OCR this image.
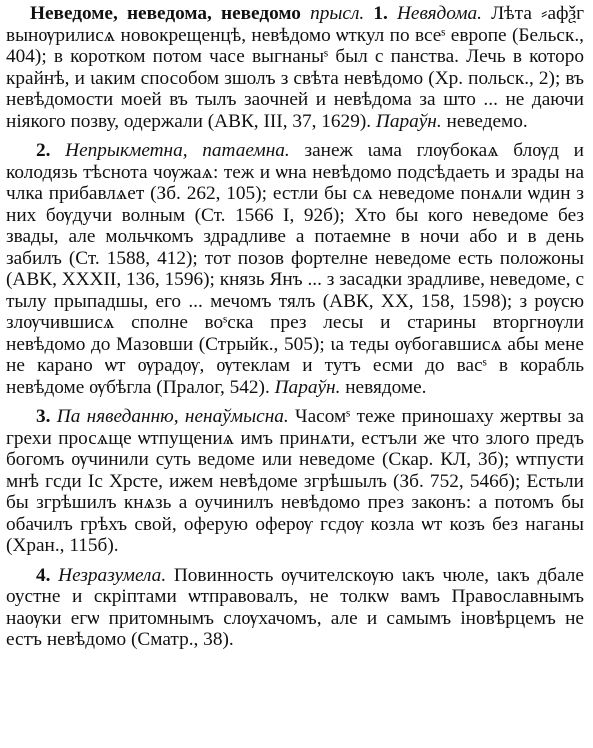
Неведоме, неведома, неведомо прысл. 1. Невядома. Лѣта ⸗афѯг вынѹрилисѧ новокрещенцѣ, невѣдомо ѡткул по всеˢ европе (Бельск., 404); в коротком потом часе выгнаныˢ был с панства. Лечь в которо крайнѣ, и ιаким способом зшолъ з свѣта невѣдомо (Хр. польск., 2); въ невѣдомости моей въ тылъ заочней и невѣдома за што ... не даючи нiякого позву, одержали (АВК, III, 37, 1629). Параўн. неведемо.

2. Непрыкметна, патаемна. занеж ιама глѹбокаѧ блѹд и колодязь тѣснота чѹжаѧ: теж и ѡна невѣдомо подсѣдаеть и зрады на члка прибавлѧет (Зб. 262, 105); естли бы сѧ неведоме понѧли ѡдин з них бѹдучи волным (Ст. 1566 I, 92б); Хто бы кого неведоме без звады, але мольчкомъ здрадливе а потаемне в ночи або и в день забилъ (Ст. 1588, 412); тот позов фортелне неведоме есть положоны (АВК, XXXII, 136, 1596); князь Янъ ... з засадки зрадливе, неведоме, с тылу прыпадшы, его ... мечомъ тялъ (АВК, XX, 158, 1598); з рѹсю злѹчившисѧ сполне воˢска през лесы и старины вторгнѹли невѣдомо до Мазовши (Стрыйк., 505); ιа теды ѹбогавшисѧ абы мене не карано ѡт ѹрадѹ, ѹтеклам и тутъ есми до васˢ в корабль невѣдоме ѹбѣгла (Пралог, 542). Параўн. невядоме.

3. Па няведанню, ненаўмысна. Часомˢ теже приношаху жертвы за грехи просѧще ѡтпущениѧ имъ принѧти, естъли же что злого предъ богомъ ѹчинили суть ведоме или неведоме (Скар. КЛ, 3б); ѡтпусти мнѣ гсди Іс Хрсте, ижем невѣдоме згрѣшылъ (Зб. 752, 546б); Естьли бы згрѣшилъ кнѧзь а оучинилъ невѣдомо през законъ: а потомъ бы обачилъ грѣхъ свой, оферую оферѹ гсдѹ козла ѡт козъ без наганы (Хран., 115б).

4. Незразумела. Повинность ѹчителскѹю ιакъ чюле, ιакъ дбале оустне и скрiптами ѡтправовалъ, не толкѡ вамъ Православнымъ наѹки егѡ притомнымъ слѹхачомъ, але и самымъ iновѣрцемъ не естъ невѣдомо (Сматр., 38).
